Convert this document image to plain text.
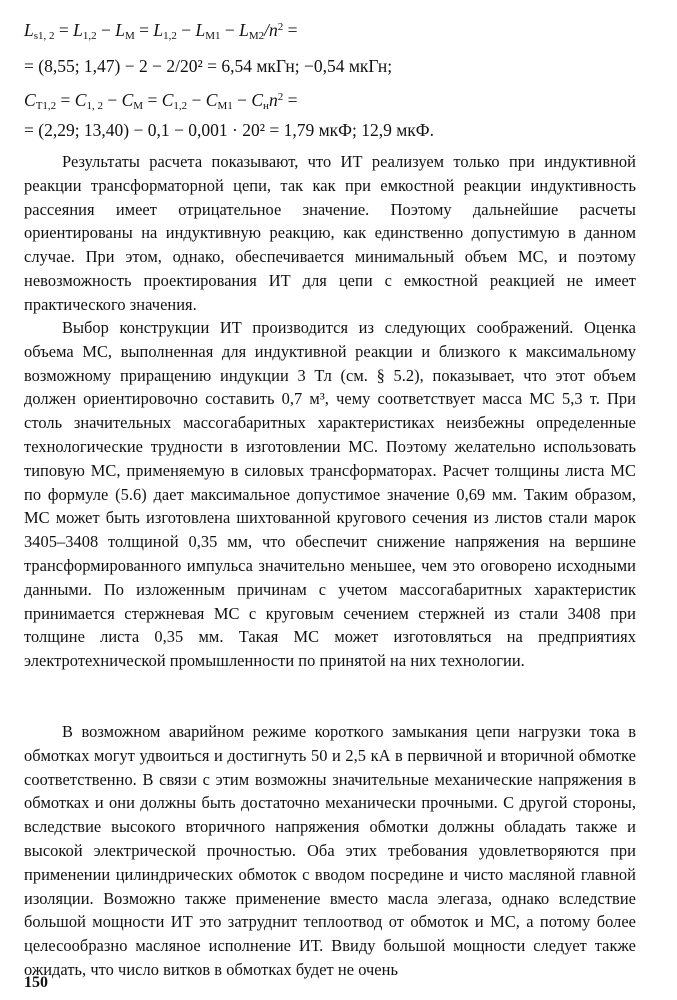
$L_{s1, 2} = L_{1,2} - L_M = L_{1,2} - L_{M1} - L_{M2}/n^2$ =
= (8,55; 1,47) − 2 − 2/20² = 6,54 мкГн; −0,54 мкГн;
$C_{T1,2} = C_{1, 2} - C_M = C_{1,2} - C_{M1} - C_нn^2$ =
= (2,29; 13,40) − 0,1 − 0,001 · 20² = 1,79 мкФ; 12,9 мкФ.

Результаты расчета показывают, что ИТ реализуем только при индуктивной реакции трансформаторной цепи, так как при емкостной реакции индуктивность рассеяния имеет отрицательное значение. Поэтому дальнейшие расчеты ориентированы на индуктивную реакцию, как единственно допустимую в данном случае. При этом, однако, обеспечивается минимальный объем МС, и поэтому невозможность проектирования ИТ для цепи с емкостной реакцией не имеет практического значения.

Выбор конструкции ИТ производится из следующих соображений. Оценка объема МС, выполненная для индуктивной реакции и близкого к максимальному возможному приращению индукции 3 Тл (см. § 5.2), показывает, что этот объем должен ориентировочно составить 0,7 м³, чему соответствует масса МС 5,3 т. При столь значительных массогабаритных характеристиках неизбежны определенные технологические трудности в изготовлении МС. Поэтому желательно использовать типовую МС, применяемую в силовых трансформаторах. Расчет толщины листа МС по формуле (5.6) дает максимальное допустимое значение 0,69 мм. Таким образом, МС может быть изготовлена шихтованной кругового сечения из листов стали марок 3405–3408 толщиной 0,35 мм, что обеспечит снижение напряжения на вершине трансформированного импульса значительно меньшее, чем это оговорено исходными данными. По изложенным причинам с учетом массогабаритных характеристик принимается стержневая МС с круговым сечением стержней из стали 3408 при толщине листа 0,35 мм. Такая МС может изготовляться на предприятиях электротехнической промышленности по принятой на них технологии.

В возможном аварийном режиме короткого замыкания цепи нагрузки тока в обмотках могут удвоиться и достигнуть 50 и 2,5 кА в первичной и вторичной обмотке соответственно. В связи с этим возможны значительные механические напряжения в обмотках и они должны быть достаточно механически прочными. С другой стороны, вследствие высокого вторичного напряжения обмотки должны обладать также и высокой электрической прочностью. Оба этих требования удовлетворяются при применении цилиндрических обмоток с вводом посредине и чисто масляной главной изоляции. Возможно также применение вместо масла элегаза, однако вследствие большой мощности ИТ это затруднит теплоотвод от обмоток и МС, а потому более целесообразно масляное исполнение ИТ. Ввиду большой мощности следует также ожидать, что число витков в обмотках будет не очень

150
